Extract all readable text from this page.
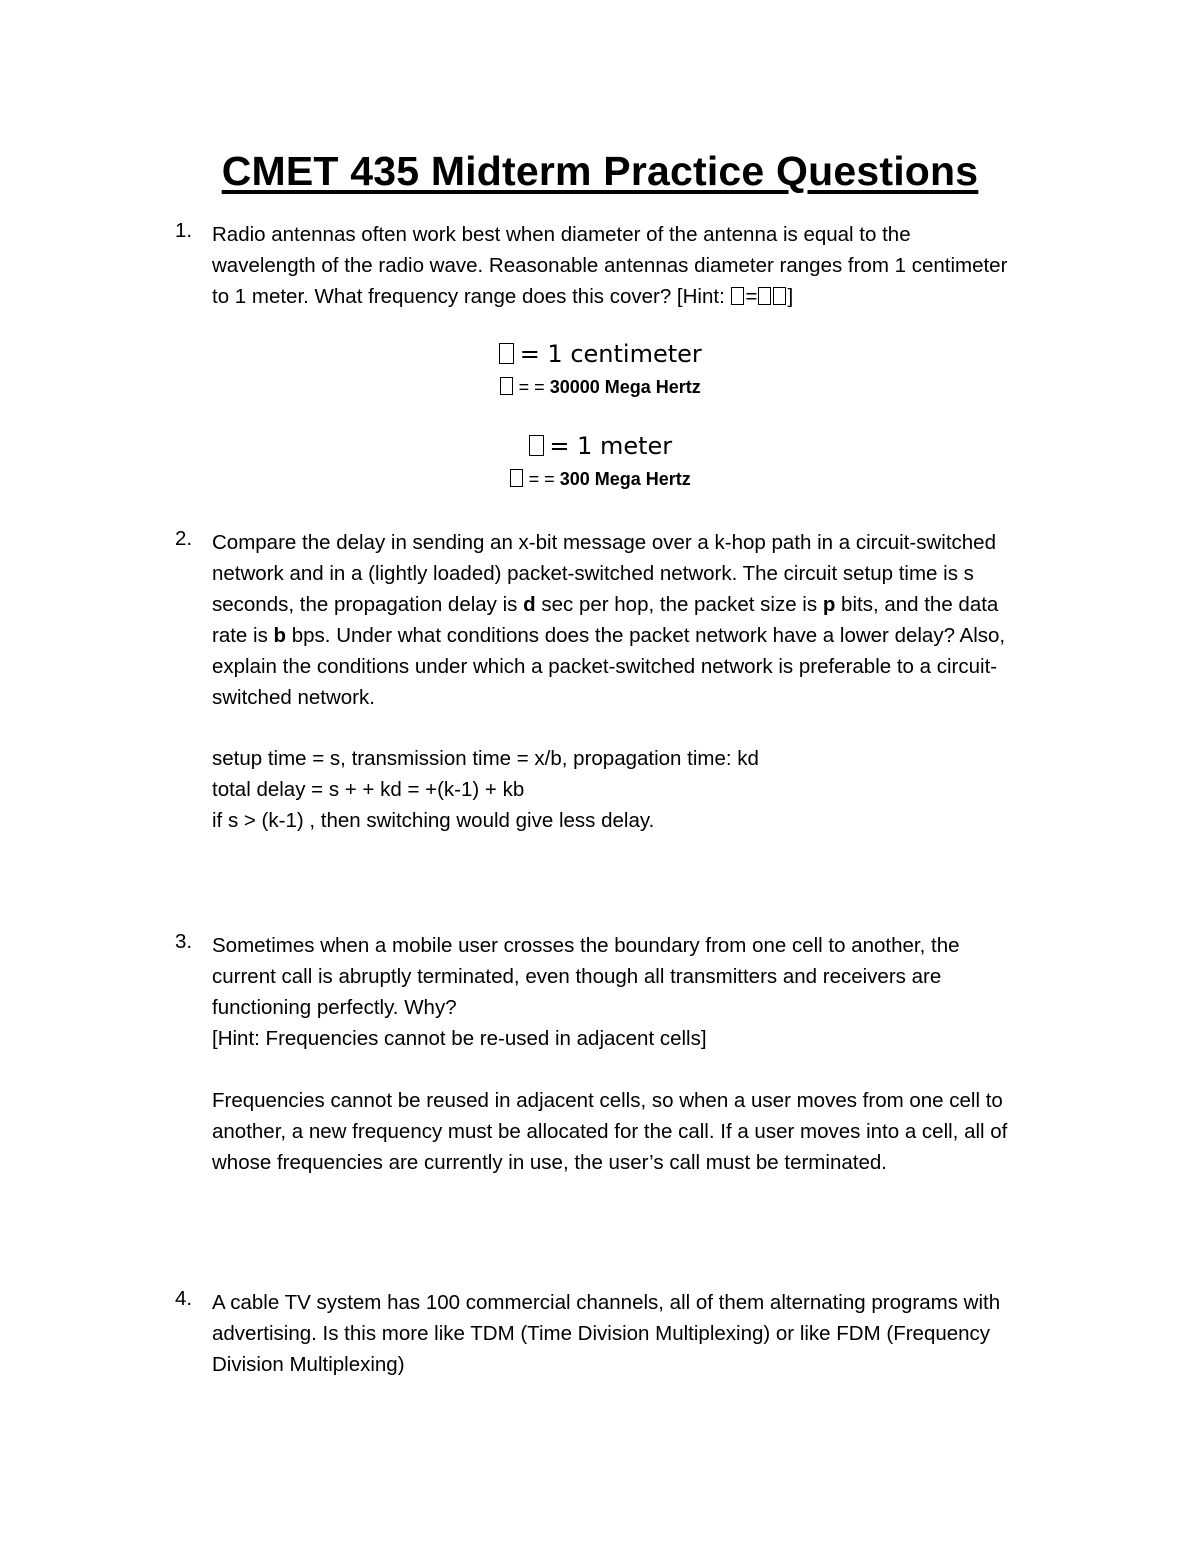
CMET 435 Midterm Practice Questions
1. Radio antennas often work best when diameter of the antenna is equal to the
wavelength of the radio wave. Reasonable antennas diameter ranges from 1 centimeter
to 1 meter. What frequency range does this cover? [Hint: = ]
= 1 centimeter
= = 30000 Mega Hertz
= 1 meter
= = 300 Mega Hertz
2. Compare the delay in sending an x-bit message over a k-hop path in a circuit-switched
network and in a (lightly loaded) packet-switched network. The circuit setup time is s
seconds, the propagation delay is d sec per hop, the packet size is p bits, and the data
rate is b bps. Under what conditions does the packet network have a lower delay? Also,
explain the conditions under which a packet-switched network is preferable to a circuit-
switched network.
setup time = s, transmission time = x/b, propagation time: kd
total delay = s + + kd = +(k-1) + kb
if s > (k-1) , then switching would give less delay.
3. Sometimes when a mobile user crosses the boundary from one cell to another, the
current call is abruptly terminated, even though all transmitters and receivers are
functioning perfectly. Why?
[Hint: Frequencies cannot be re-used in adjacent cells]
Frequencies cannot be reused in adjacent cells, so when a user moves from one cell to
another, a new frequency must be allocated for the call. If a user moves into a cell, all of
whose frequencies are currently in use, the user’s call must be terminated.
4. A cable TV system has 100 commercial channels, all of them alternating programs with
advertising. Is this more like TDM (Time Division Multiplexing) or like FDM (Frequency
Division Multiplexing)
